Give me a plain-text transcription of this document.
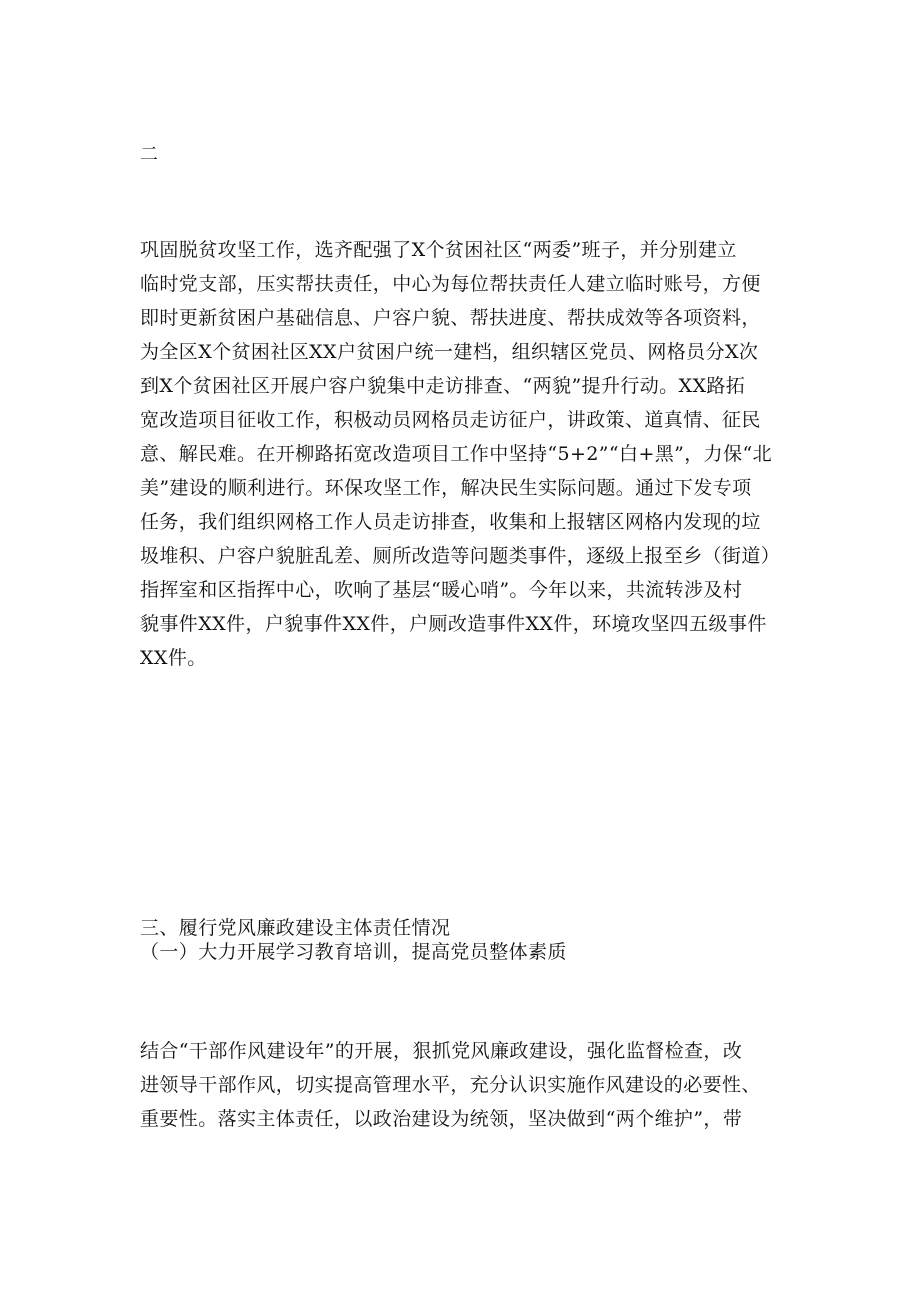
二
巩固脱贫攻坚工作，选齐配强了X个贫困社区“两委”班子，并分别建立
临时党支部，压实帮扶责任，中心为每位帮扶责任人建立临时账号，方便
即时更新贫困户基础信息、户容户貌、帮扶进度、帮扶成效等各项资料，
为全区X个贫困社区XX户贫困户统一建档，组织辖区党员、网格员分X次
到X个贫困社区开展户容户貌集中走访排查、“两貌”提升行动。XX路拓
宽改造项目征收工作，积极动员网格员走访征户，讲政策、道真情、征民
意、解民难。在开柳路拓宽改造项目工作中坚持“5+2”“白+黑”，力保“北
美”建设的顺利进行。环保攻坚工作，解决民生实际问题。通过下发专项
任务，我们组织网格工作人员走访排查，收集和上报辖区网格内发现的垃
圾堆积、户容户貌脏乱差、厕所改造等问题类事件，逐级上报至乡（街道）
指挥室和区指挥中心，吹响了基层“暖心哨”。今年以来，共流转涉及村
貌事件XX件，户貌事件XX件，户厕改造事件XX件，环境攻坚四五级事件
XX件。
三、履行党风廉政建设主体责任情况
（一）大力开展学习教育培训，提高党员整体素质
结合“干部作风建设年”的开展，狠抓党风廉政建设，强化监督检查，改
进领导干部作风，切实提高管理水平，充分认识实施作风建设的必要性、
重要性。落实主体责任，以政治建设为统领，坚决做到“两个维护”，带
